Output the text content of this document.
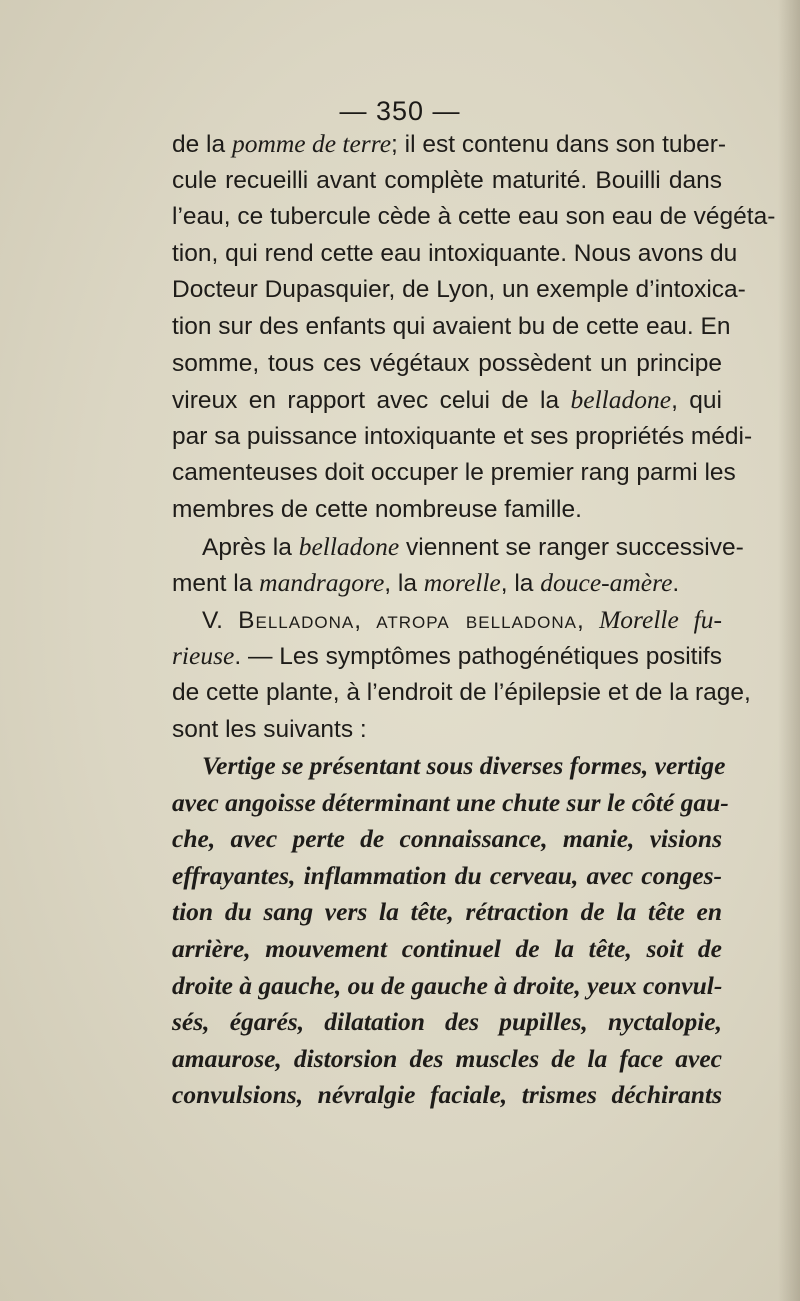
— 350 —
de la pomme de terre; il est contenu dans son tuber-
cule recueilli avant complète maturité. Bouilli dans
l’eau, ce tubercule cède à cette eau son eau de végéta-
tion, qui rend cette eau intoxiquante. Nous avons du
Docteur Dupasquier, de Lyon, un exemple d’intoxica-
tion sur des enfants qui avaient bu de cette eau. En
somme, tous ces végétaux possèdent un principe
vireux en rapport avec celui de la belladone, qui
par sa puissance intoxiquante et ses propriétés médi-
camenteuses doit occuper le premier rang parmi les
membres de cette nombreuse famille.
Après la belladone viennent se ranger successive-
ment la mandragore, la morelle, la douce-amère.
V. Belladona, atropa belladona, Morelle fu-
rieuse. — Les symptômes pathogénétiques positifs
de cette plante, à l’endroit de l’épilepsie et de la rage,
sont les suivants :
Vertige se présentant sous diverses formes, vertige
avec angoisse déterminant une chute sur le côté gau-
che, avec perte de connaissance, manie, visions
effrayantes, inflammation du cerveau, avec conges-
tion du sang vers la tête, rétraction de la tête en
arrière, mouvement continuel de la tête, soit de
droite à gauche, ou de gauche à droite, yeux convul-
sés, égarés, dilatation des pupilles, nyctalopie,
amaurose, distorsion des muscles de la face avec
convulsions, névralgie faciale, trismes déchirants
